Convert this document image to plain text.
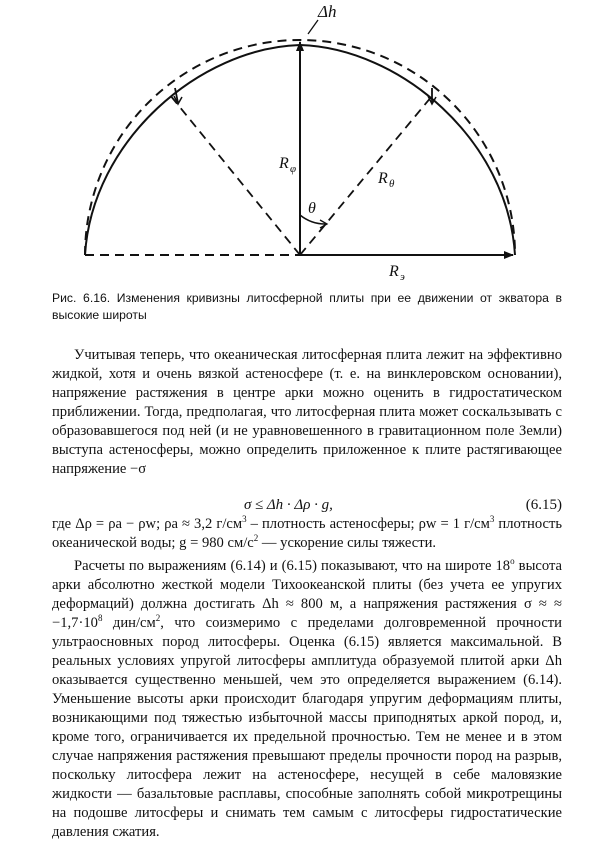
Δh
R φ
R θ
θ
R э
Рис. 6.16. Изменения кривизны литосферной плиты при ее движении от экватора в высокие широты
Учитывая теперь, что океаническая литосферная плита лежит на эффективно жидкой, хотя и очень вязкой астеносфере (т. е. на винклеровском основании), напряжение растяжения в центре арки можно оценить в гидростатическом приближении. Тогда, предполагая, что литосферная плита может соскальзывать с образовавшегося под ней (и не уравновешенного в гравитационном поле Земли) выступа астеносферы, можно определить приложенное к плите растягивающее напряжение −σ
σ ≤ Δh · Δρ · g,	(6.15)
где Δρ = ρa − ρw; ρa ≈ 3,2 $г/см^3$ – плотность астеносферы; ρw = 1 $г/см^3$ плотность океанической воды; g = 980 $см/с^2$ — ускорение силы тяжести.
Расчеты по выражениям (6.14) и (6.15) показывают, что на широте 18$^o$ высота арки абсолютно жесткой модели Тихоокеанской плиты (без учета ее упругих деформаций) должна достигать Δh ≈ 800 м, а напряжения растяжения σ ≈ ≈ $-1,7\cdot 10^8$ дин/$см^2$, что соизмеримо с пределами долговременной прочности ультраосновных пород литосферы. Оценка (6.15) является максимальной. В реальных условиях упругой литосферы амплитуда образуемой плитой арки Δh оказывается существенно меньшей, чем это определяется выражением (6.14). Уменьшение высоты арки происходит благодаря упругим деформациям плиты, возникающими под тяжестью избыточной массы приподнятых аркой пород, и, кроме того, ограничивается их предельной прочностью. Тем не менее и в этом случае напряжения растяжения превышают пределы прочности пород на разрыв, поскольку литосфера лежит на астеносфере, несущей в себе маловязкие жидкости — базальтовые расплавы, способные заполнять собой микротрещины на подошве литосферы и снимать тем самым с литосферы гидростатические давления сжатия.
